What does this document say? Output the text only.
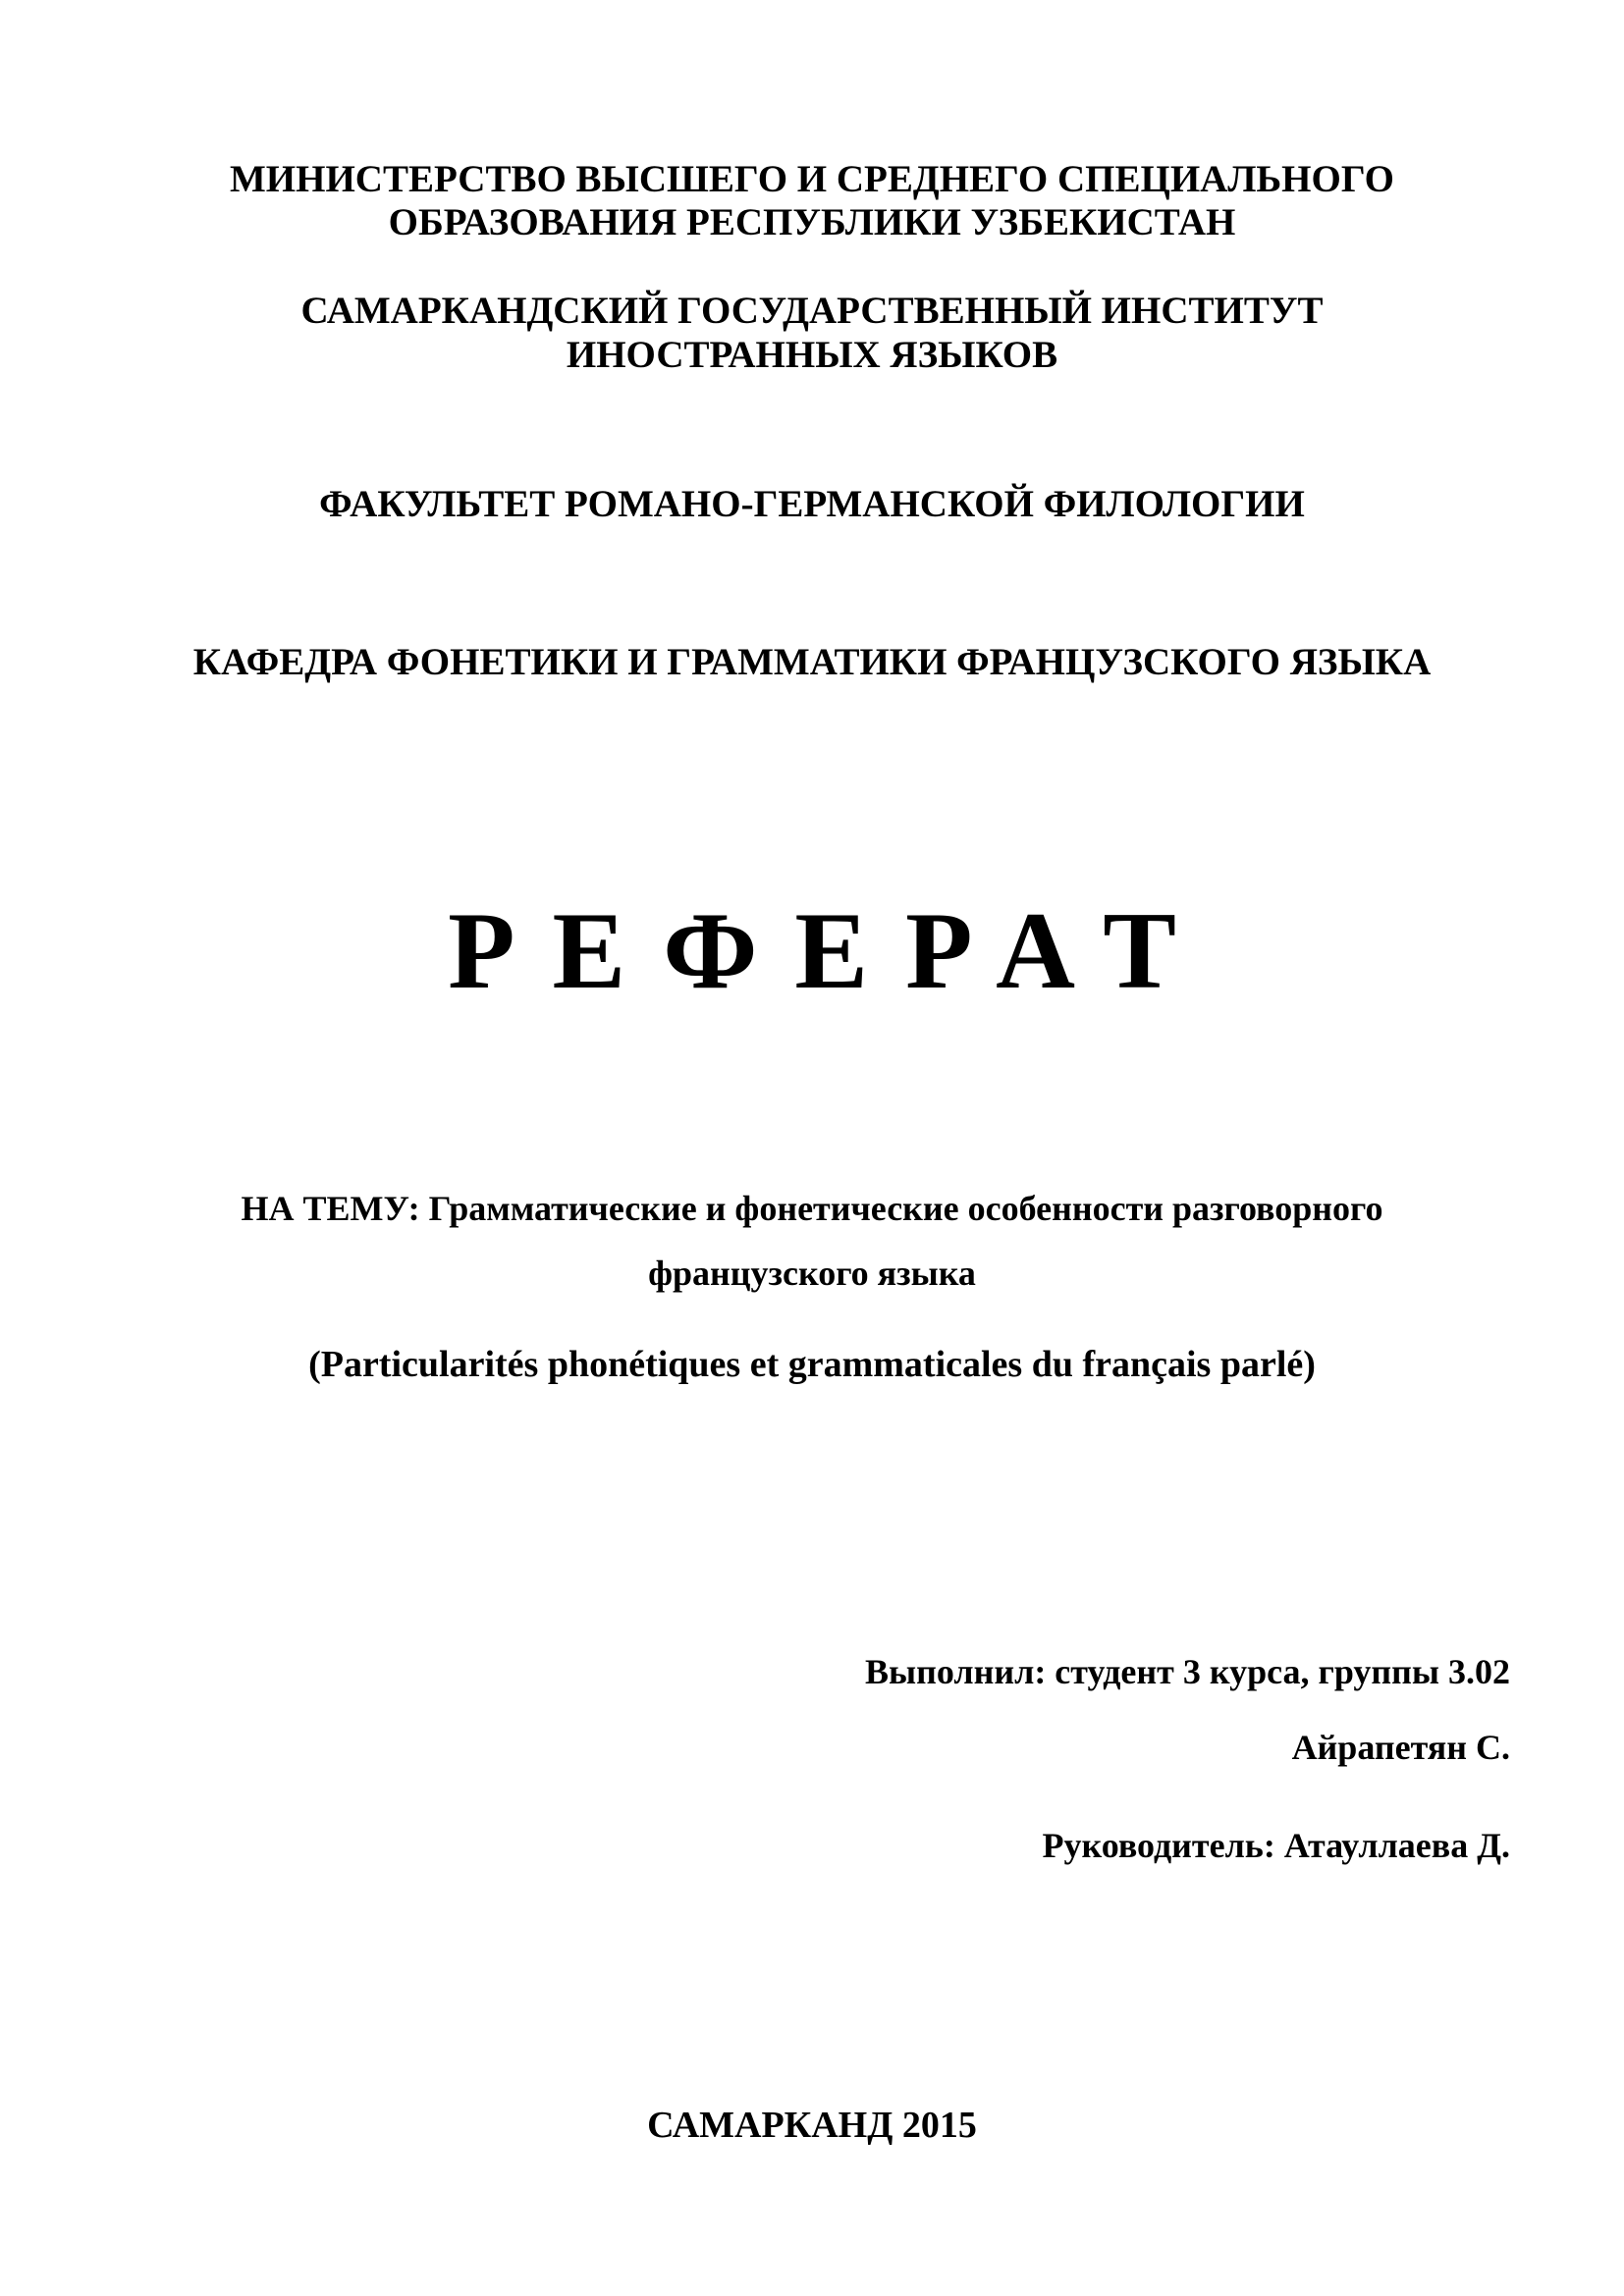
МИНИСТЕРСТВО ВЫСШЕГО И СРЕДНЕГО СПЕЦИАЛЬНОГО

ОБРАЗОВАНИЯ РЕСПУБЛИКИ УЗБЕКИСТАН

САМАРКАНДСКИЙ ГОСУДАРСТВЕННЫЙ ИНСТИТУТ

ИНОСТРАННЫХ ЯЗЫКОВ

ФАКУЛЬТЕТ РОМАНО-ГЕРМАНСКОЙ ФИЛОЛОГИИ

КАФЕДРА ФОНЕТИКИ И ГРАММАТИКИ ФРАНЦУЗСКОГО ЯЗЫКА

РЕФЕРАТ

НА ТЕМУ: Грамматические и фонетические особенности разговорного

французского языка

(Particularités phonétiques et grammaticales du français parlé)

Выполнил: студент 3 курса, группы 3.02

Айрапетян С.

Руководитель: Атауллаева Д.

САМАРКАНД 2015
